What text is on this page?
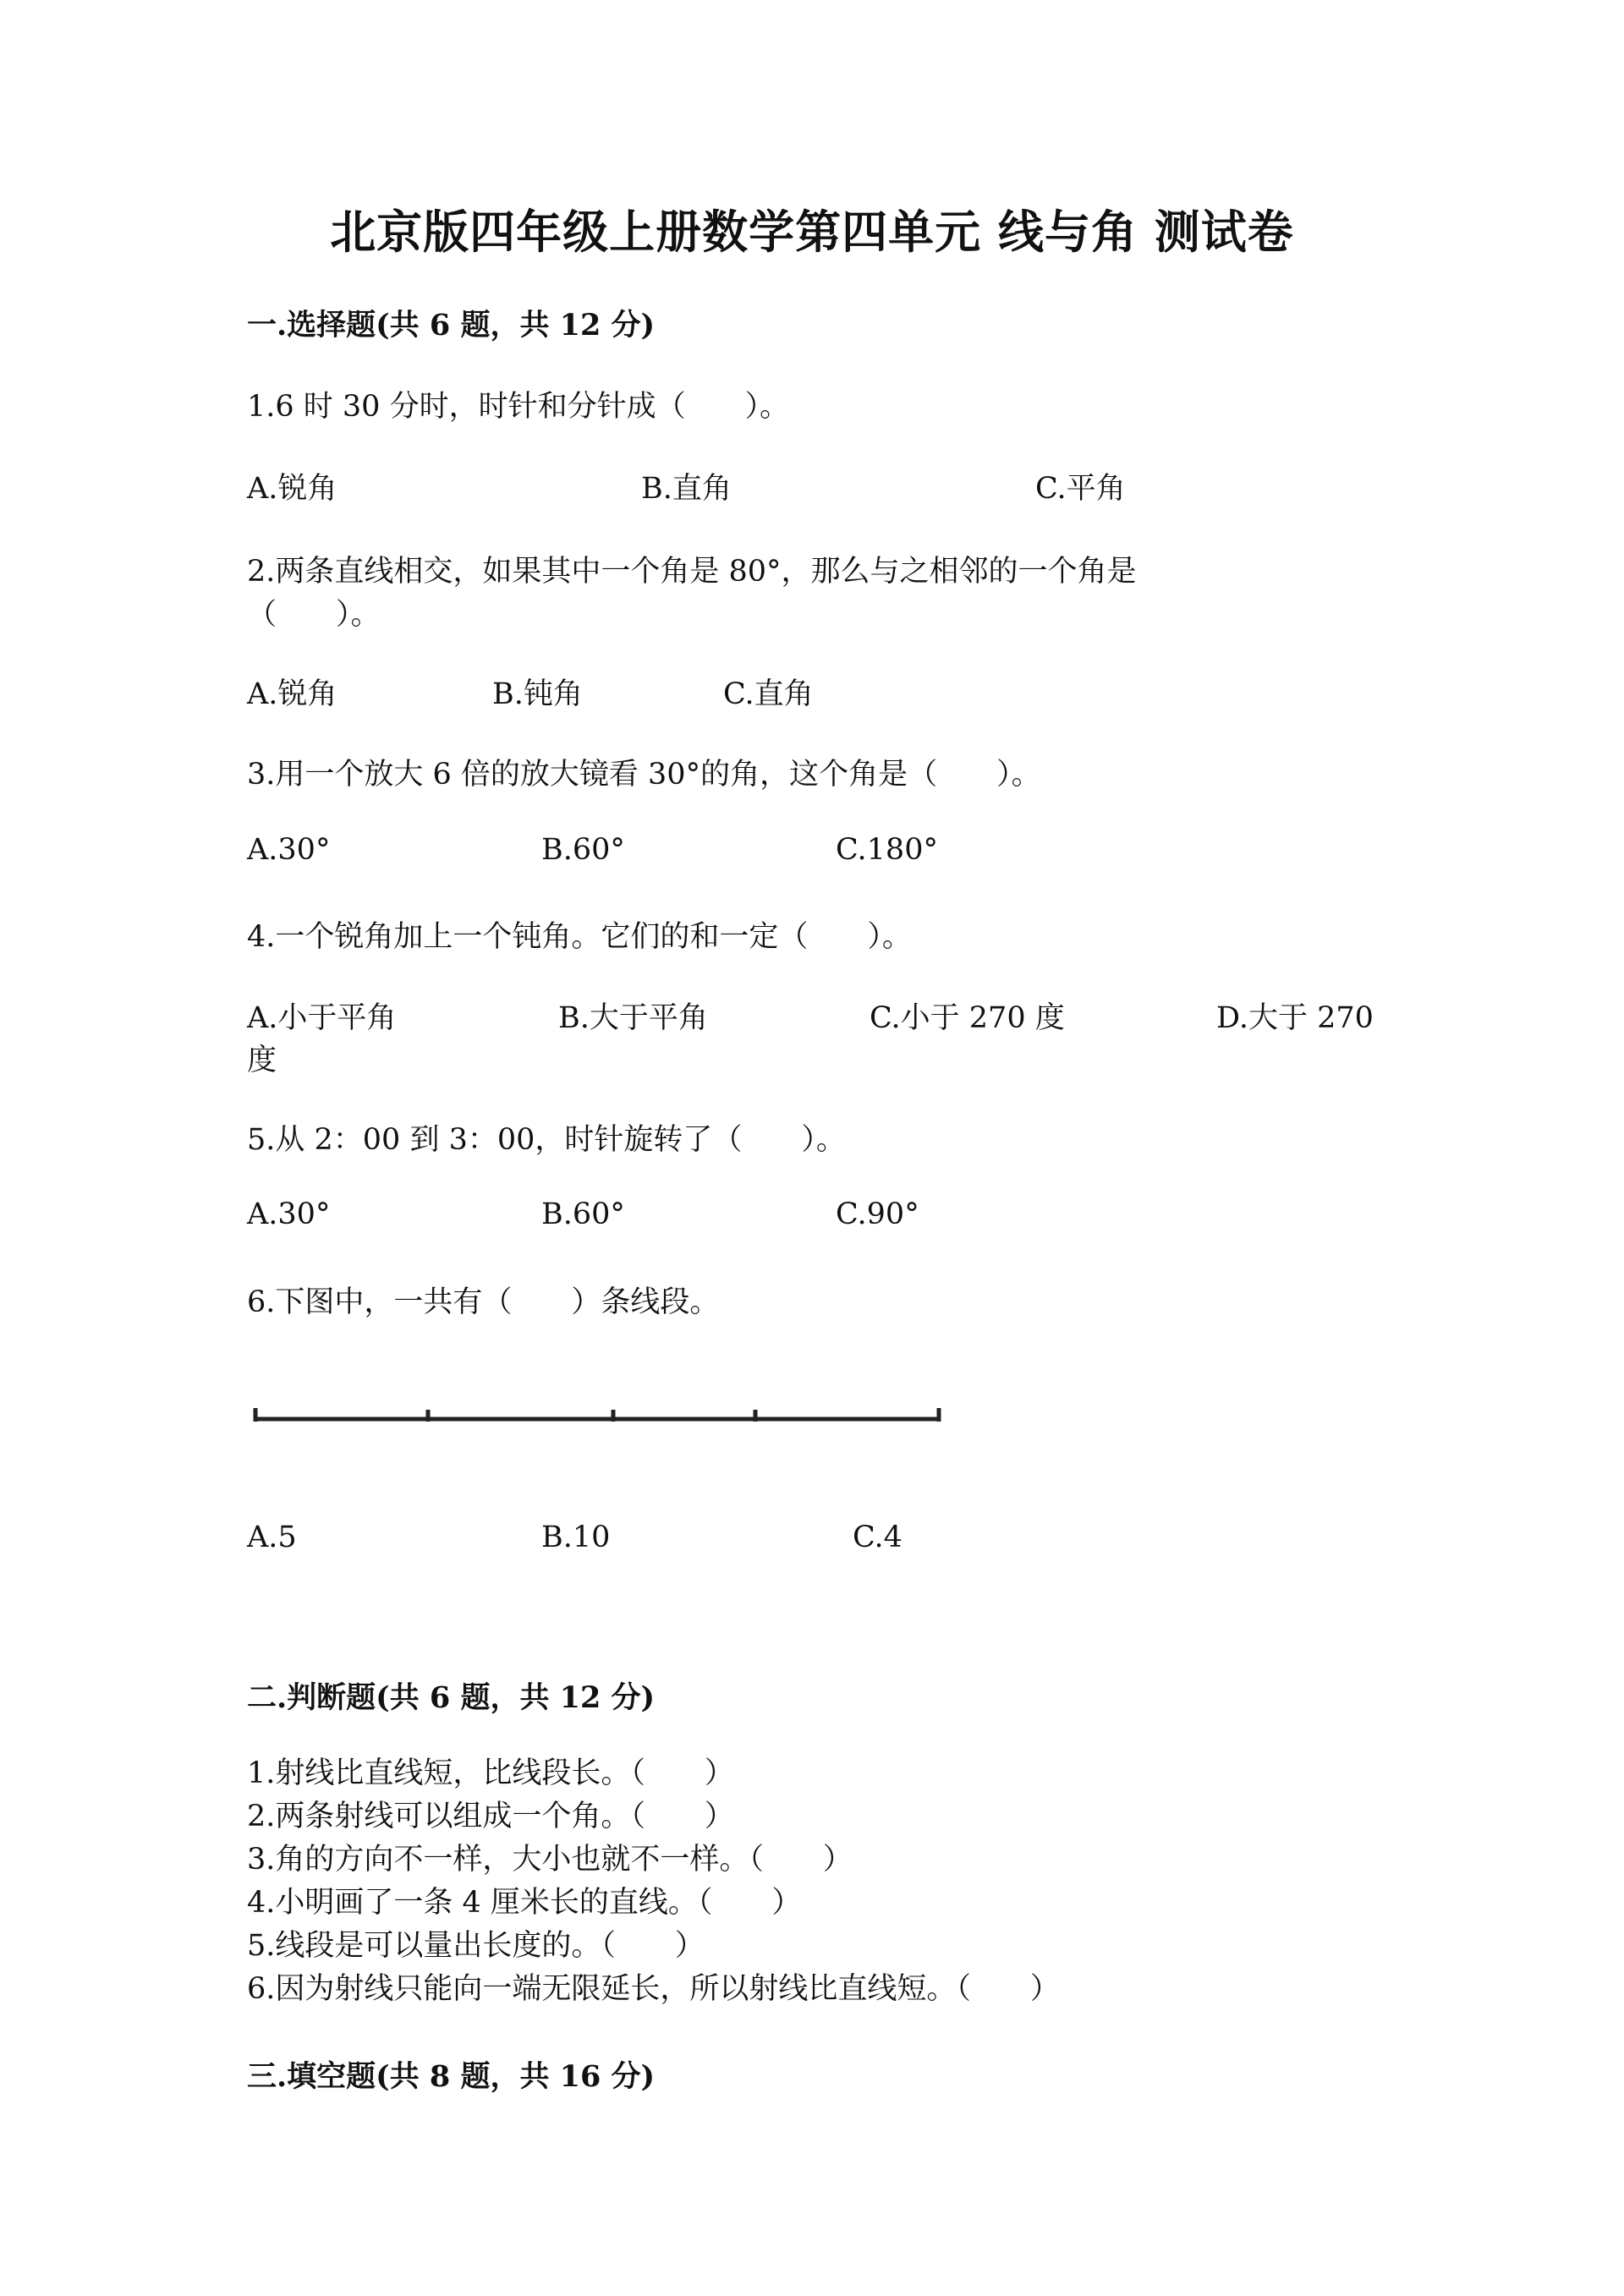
北京版四年级上册数学第四单元 线与角 测试卷
一.选择题(共 6 题，共 12 分)
1.6 时 30 分时，时针和分针成（　　）。
A.锐角	B.直角	C.平角
2.两条直线相交，如果其中一个角是 80°，那么与之相邻的一个角是
（　　）。
A.锐角	B.钝角	C.直角
3.用一个放大 6 倍的放大镜看 30°的角，这个角是（　　）。
A.30°	B.60°	C.180°
4.一个锐角加上一个钝角。它们的和一定（　　）。
A.小于平角	B.大于平角	C.小于 270 度	D.大于 270
度
5.从 2：00 到 3：00，时针旋转了（　　）。
A.30°	B.60°	C.90°
6.下图中，一共有（　　）条线段。
A.5	B.10	C.4
二.判断题(共 6 题，共 12 分)
1.射线比直线短，比线段长。（　　）
2.两条射线可以组成一个角。（　　）
3.角的方向不一样，大小也就不一样。（　　）
4.小明画了一条 4 厘米长的直线。（　　）
5.线段是可以量出长度的。（　　）
6.因为射线只能向一端无限延长，所以射线比直线短。（　　）
三.填空题(共 8 题，共 16 分)
